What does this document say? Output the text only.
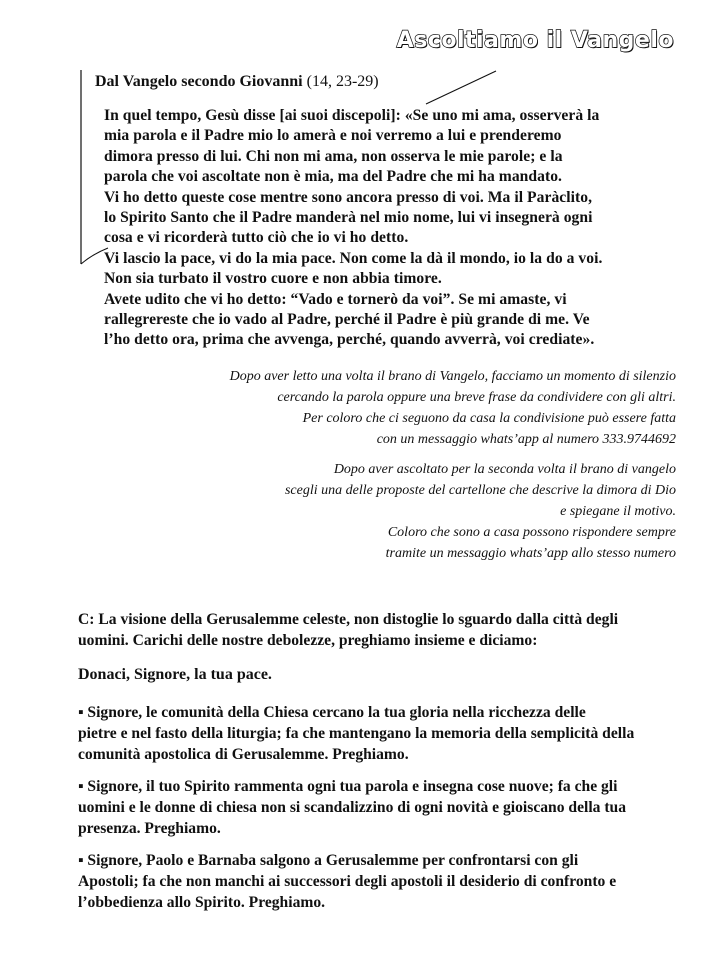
Ascoltiamo il Vangelo
Dal Vangelo secondo Giovanni (14, 23-29)
In quel tempo, Gesù disse [ai suoi discepoli]: «Se uno mi ama, osserverà la
mia parola e il Padre mio lo amerà e noi verremo a lui e prenderemo
dimora presso di lui. Chi non mi ama, non osserva le mie parole; e la
parola che voi ascoltate non è mia, ma del Padre che mi ha mandato.
Vi ho detto queste cose mentre sono ancora presso di voi. Ma il Paràclito,
lo Spirito Santo che il Padre manderà nel mio nome, lui vi insegnerà ogni
cosa e vi ricorderà tutto ciò che io vi ho detto.
Vi lascio la pace, vi do la mia pace. Non come la dà il mondo, io la do a voi.
Non sia turbato il vostro cuore e non abbia timore.
Avete udito che vi ho detto: “Vado e tornerò da voi”. Se mi amaste, vi
rallegrereste che io vado al Padre, perché il Padre è più grande di me. Ve
l’ho detto ora, prima che avvenga, perché, quando avverrà, voi crediate».
Dopo aver letto una volta il brano di Vangelo, facciamo un momento di silenzio
cercando la parola oppure una breve frase da condividere con gli altri.
Per coloro che ci seguono da casa la condivisione può essere fatta
con un messaggio whats’app al numero 333.9744692
Dopo aver ascoltato per la seconda volta il brano di vangelo
scegli una delle proposte del cartellone che descrive la dimora di Dio
e spiegane il motivo.
Coloro che sono a casa possono rispondere sempre
tramite un messaggio whats’app allo stesso numero
C: La visione della Gerusalemme celeste, non distoglie lo sguardo dalla città degli
uomini. Carichi delle nostre debolezze, preghiamo insieme e diciamo:
Donaci, Signore, la tua pace.
▪ Signore, le comunità della Chiesa cercano la tua gloria nella ricchezza delle
pietre e nel fasto della liturgia; fa che mantengano la memoria della semplicità della
comunità apostolica di Gerusalemme. Preghiamo.
▪ Signore, il tuo Spirito rammenta ogni tua parola e insegna cose nuove; fa che gli
uomini e le donne di chiesa non si scandalizzino di ogni novità e gioiscano della tua
presenza. Preghiamo.
▪ Signore, Paolo e Barnaba salgono a Gerusalemme per confrontarsi con gli
Apostoli; fa che non manchi ai successori degli apostoli il desiderio di confronto e
l’obbedienza allo Spirito. Preghiamo.
